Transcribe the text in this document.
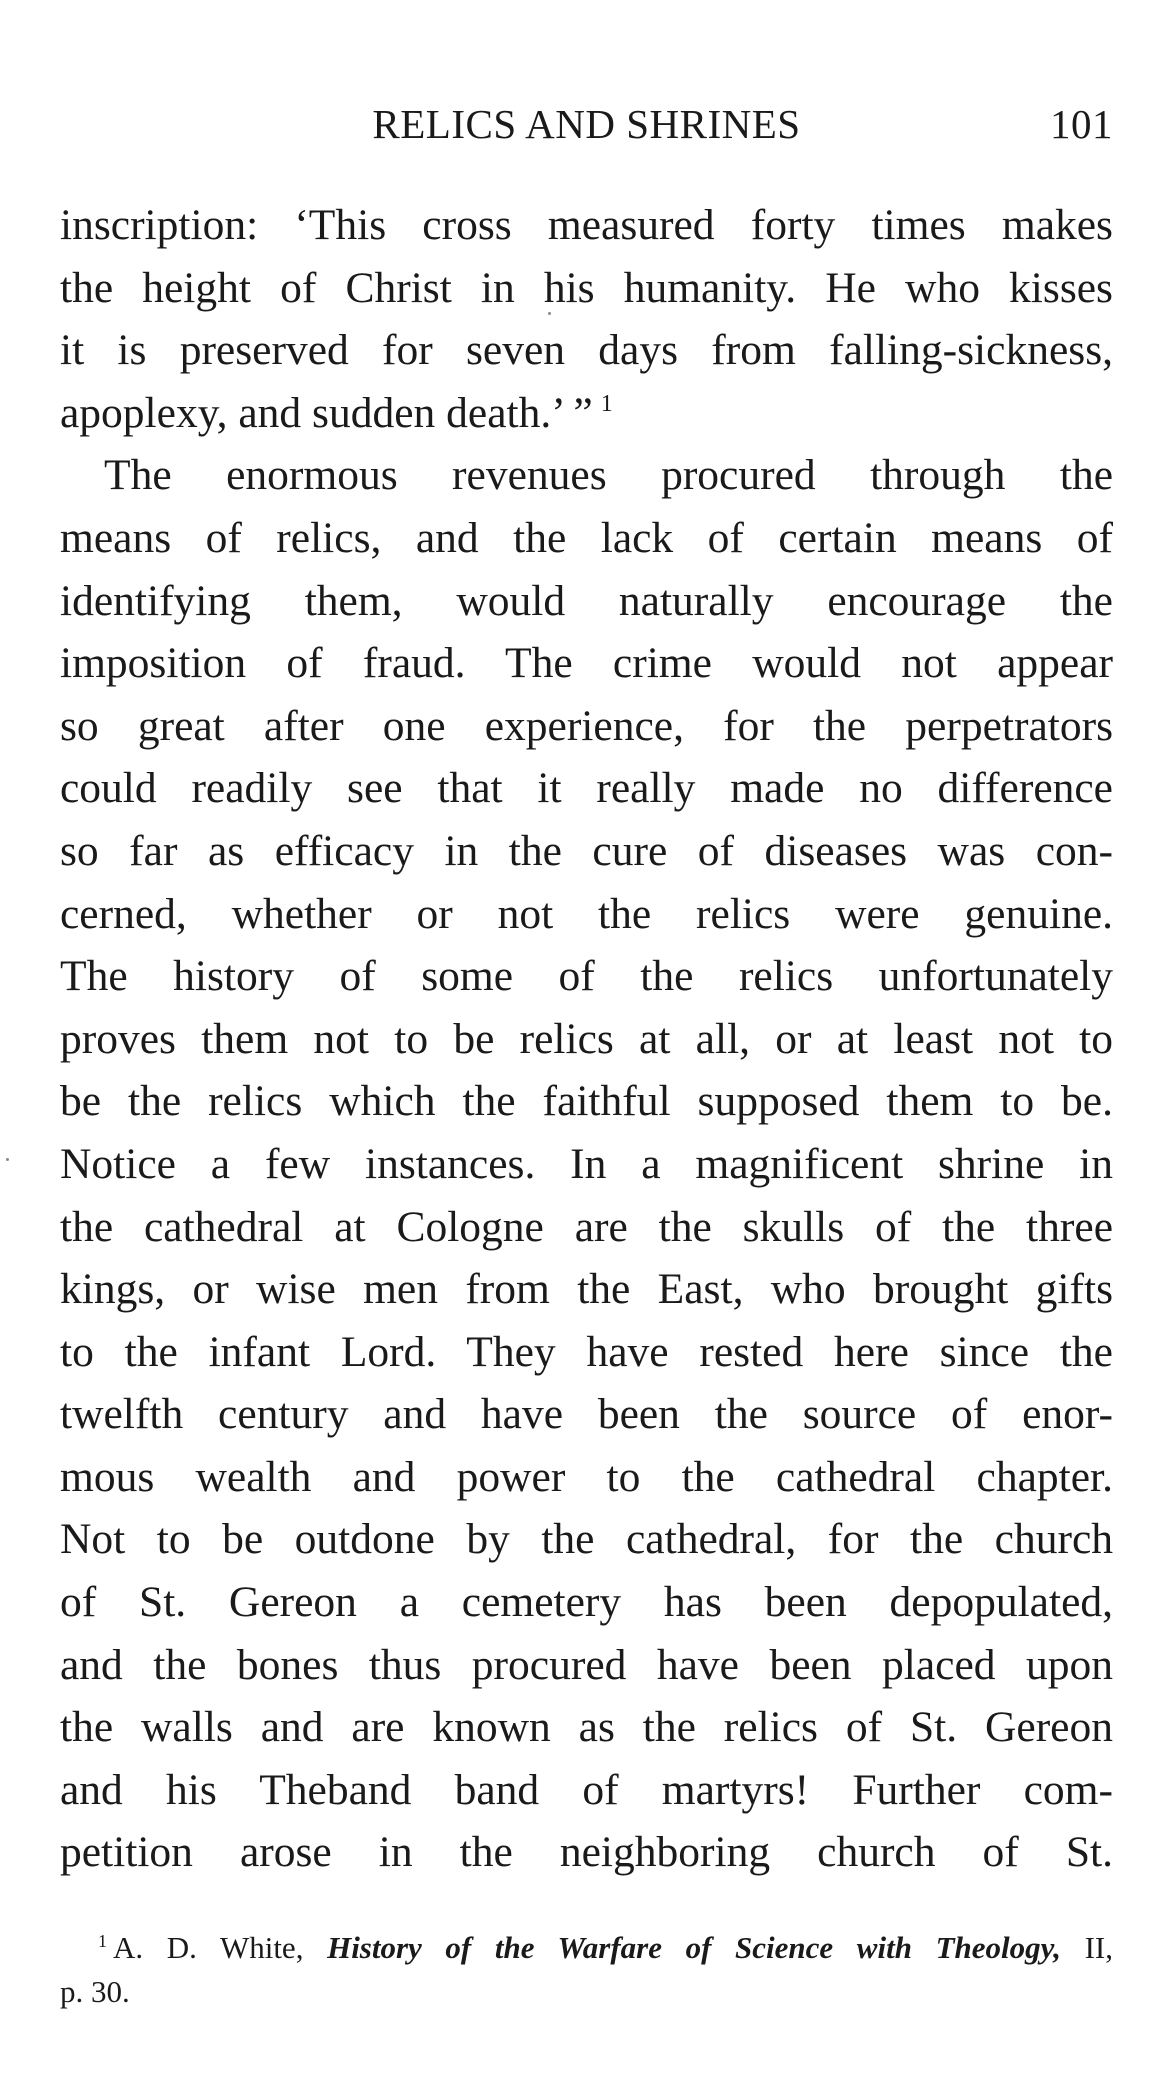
RELICS AND SHRINES	101
inscription: ‘This cross measured forty times makes
the height of Christ in his humanity. He who kisses
it is preserved for seven days from falling-sickness,
apoplexy, and sudden death.’ ” $^1$
The enormous revenues procured through the
means of relics, and the lack of certain means of
identifying them, would naturally encourage the
imposition of fraud. The crime would not appear
so great after one experience, for the perpetrators
could readily see that it really made no difference
so far as efficacy in the cure of diseases was con-
cerned, whether or not the relics were genuine.
The history of some of the relics unfortunately
proves them not to be relics at all, or at least not to
be the relics which the faithful supposed them to be.
Notice a few instances. In a magnificent shrine in
the cathedral at Cologne are the skulls of the three
kings, or wise men from the East, who brought gifts
to the infant Lord. They have rested here since the
twelfth century and have been the source of enor-
mous wealth and power to the cathedral chapter.
Not to be outdone by the cathedral, for the church
of St. Gereon a cemetery has been depopulated,
and the bones thus procured have been placed upon
the walls and are known as the relics of St. Gereon
and his Theband band of martyrs! Further com-
petition arose in the neighboring church of St.
$^1$ A. D. White, History of the Warfare of Science with Theology, II,
p. 30.
